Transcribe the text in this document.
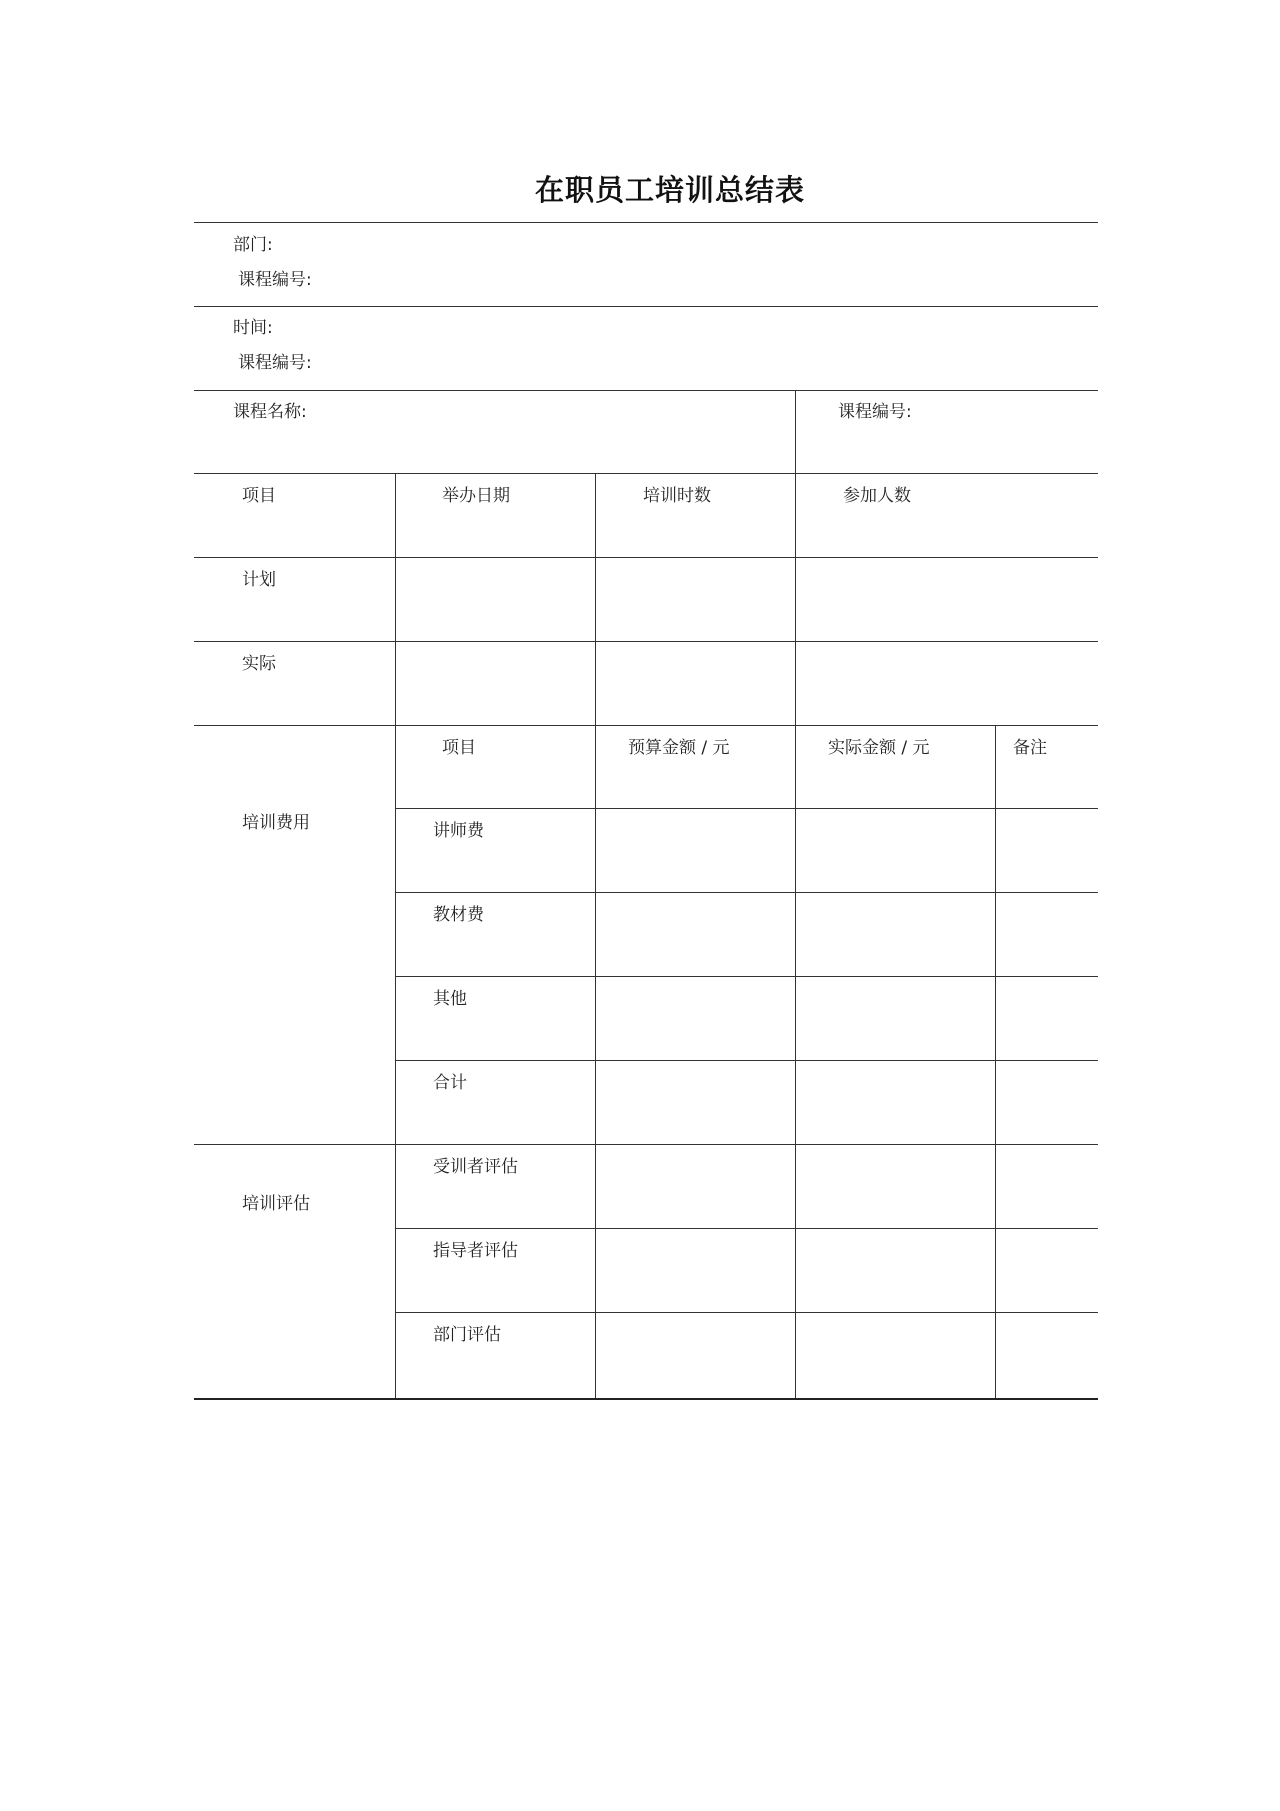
在职员工培训总结表
部门:
课程编号:
时间:
课程编号:
课程名称:	课程编号:
项目	举办日期	培训时数	参加人数
计划
实际
培训费用
项目	预算金额 / 元	实际金额 / 元	备注
讲师费
教材费
其他
合计
培训评估
受训者评估
指导者评估
部门评估
